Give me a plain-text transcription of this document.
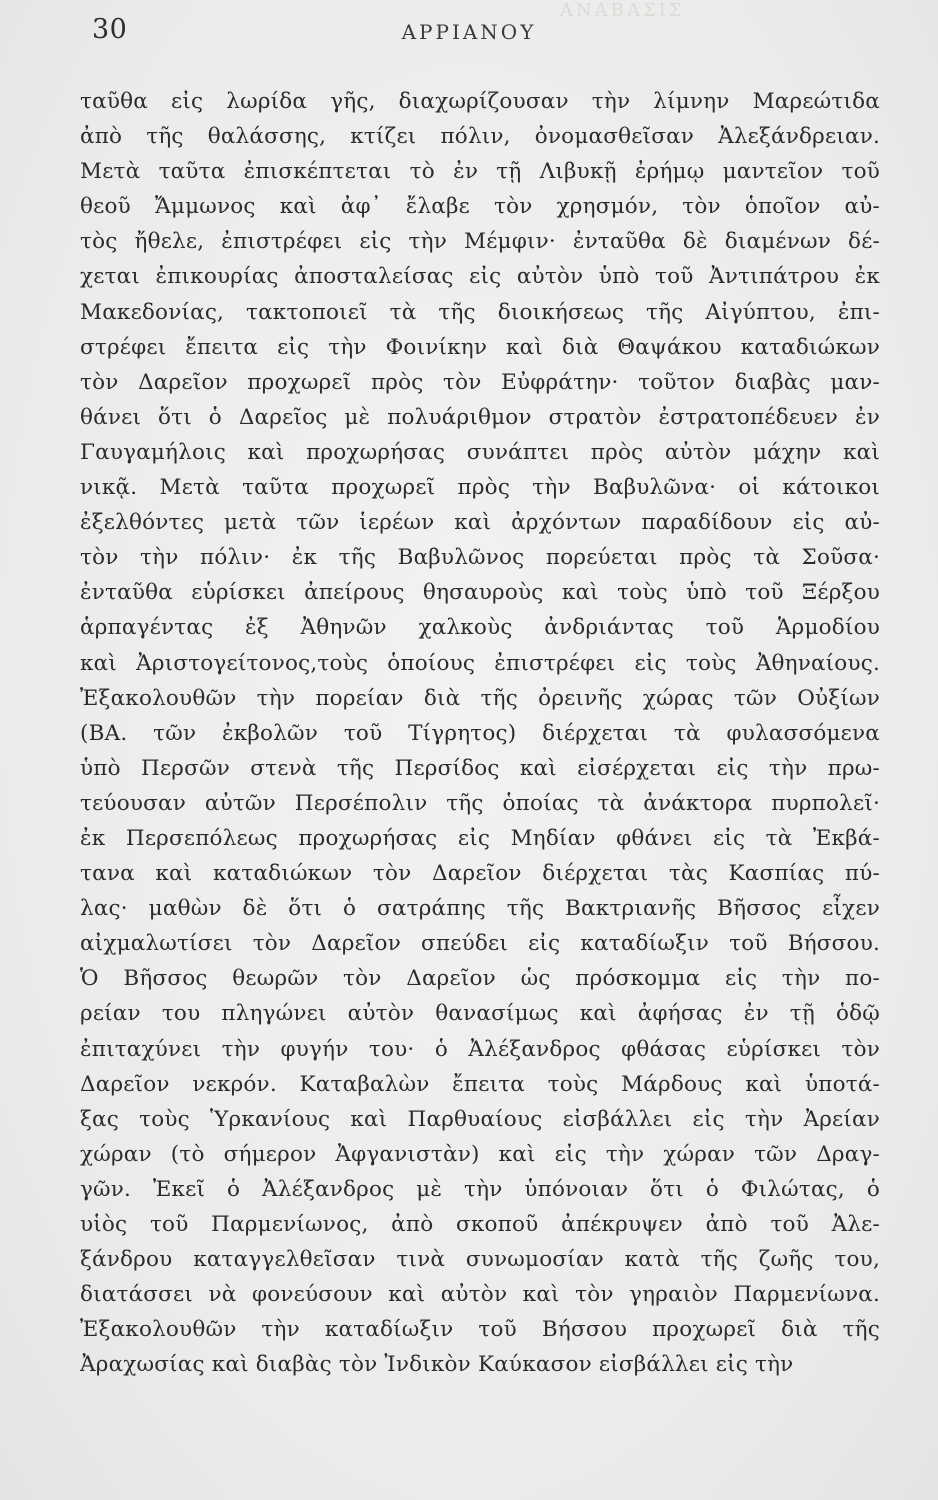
ΑΝΑΒΑΣΙΣ
30	ΑΡΡΙΑΝΟΥ
ταῦθα εἰς λωρίδα γῆς, διαχωρίζουσαν τὴν λίμνην Μαρεώτιδα
ἀπὸ τῆς θαλάσσης, κτίζει πόλιν, ὀνομασθεῖσαν Ἀλεξάνδρειαν.
Μετὰ ταῦτα ἐπισκέπτεται τὸ ἐν τῇ Λιβυκῇ ἐρήμῳ μαντεῖον τοῦ
θεοῦ Ἄμμωνος καὶ ἀφ᾽ ἔλαβε τὸν χρησμόν, τὸν ὁποῖον αὐ-
τὸς ἤθελε, ἐπιστρέφει εἰς τὴν Μέμφιν· ἐνταῦθα δὲ διαμένων δέ-
χεται ἐπικουρίας ἀποσταλείσας εἰς αὐτὸν ὑπὸ τοῦ Ἀντιπάτρου ἐκ
Μακεδονίας, τακτοποιεῖ τὰ τῆς διοικήσεως τῆς Αἰγύπτου, ἐπι-
στρέφει ἔπειτα εἰς τὴν Φοινίκην καὶ διὰ Θαψάκου καταδιώκων
τὸν Δαρεῖον προχωρεῖ πρὸς τὸν Εὐφράτην· τοῦτον διαβὰς μαν-
θάνει ὅτι ὁ Δαρεῖος μὲ πολυάριθμον στρατὸν ἐστρατοπέδευεν ἐν
Γαυγαμήλοις καὶ προχωρήσας συνάπτει πρὸς αὐτὸν μάχην καὶ
νικᾷ. Μετὰ ταῦτα προχωρεῖ πρὸς τὴν Βαβυλῶνα· οἱ κάτοικοι
ἐξελθόντες μετὰ τῶν ἱερέων καὶ ἀρχόντων παραδίδουν εἰς αὐ-
τὸν τὴν πόλιν· ἐκ τῆς Βαβυλῶνος πορεύεται πρὸς τὰ Σοῦσα·
ἐνταῦθα εὑρίσκει ἀπείρους θησαυροὺς καὶ τοὺς ὑπὸ τοῦ Ξέρξου
ἁρπαγέντας ἐξ Ἀθηνῶν χαλκοὺς ἀνδριάντας τοῦ Ἁρμοδίου
καὶ Ἀριστογείτονος,τοὺς ὁποίους ἐπιστρέφει εἰς τοὺς Ἀθηναίους.
Ἐξακολουθῶν τὴν πορείαν διὰ τῆς ὀρεινῆς χώρας τῶν Οὐξίων
(ΒΑ. τῶν ἐκβολῶν τοῦ Τίγρητος) διέρχεται τὰ φυλασσόμενα
ὑπὸ Περσῶν στενὰ τῆς Περσίδος καὶ εἰσέρχεται εἰς τὴν πρω-
τεύουσαν αὐτῶν Περσέπολιν τῆς ὁποίας τὰ ἀνάκτορα πυρπολεῖ·
ἐκ Περσεπόλεως προχωρήσας εἰς Μηδίαν φθάνει εἰς τὰ Ἐκβά-
τανα καὶ καταδιώκων τὸν Δαρεῖον διέρχεται τὰς Κασπίας πύ-
λας· μαθὼν δὲ ὅτι ὁ σατράπης τῆς Βακτριανῆς Βῆσσος εἶχεν
αἰχμαλωτίσει τὸν Δαρεῖον σπεύδει εἰς καταδίωξιν τοῦ Βήσσου.
Ὁ Βῆσσος θεωρῶν τὸν Δαρεῖον ὡς πρόσκομμα εἰς τὴν πο-
ρείαν του πληγώνει αὐτὸν θανασίμως καὶ ἀφήσας ἐν τῇ ὁδῷ
ἐπιταχύνει τὴν φυγήν του· ὁ Ἀλέξανδρος φθάσας εὑρίσκει τὸν
Δαρεῖον νεκρόν. Καταβαλὼν ἔπειτα τοὺς Μάρδους καὶ ὑποτά-
ξας τοὺς Ὑρκανίους καὶ Παρθυαίους εἰσβάλλει εἰς τὴν Ἀρείαν
χώραν (τὸ σήμερον Ἀφγανιστὰν) καὶ εἰς τὴν χώραν τῶν Δραγ-
γῶν. Ἐκεῖ ὁ Ἀλέξανδρος μὲ τὴν ὑπόνοιαν ὅτι ὁ Φιλώτας, ὁ
υἱὸς τοῦ Παρμενίωνος, ἀπὸ σκοποῦ ἀπέκρυψεν ἀπὸ τοῦ Ἀλε-
ξάνδρου καταγγελθεῖσαν τινὰ συνωμοσίαν κατὰ τῆς ζωῆς του,
διατάσσει νὰ φονεύσουν καὶ αὐτὸν καὶ τὸν γηραιὸν Παρμενίωνα.
Ἐξακολουθῶν τὴν καταδίωξιν τοῦ Βήσσου προχωρεῖ διὰ τῆς
Ἀραχωσίας καὶ διαβὰς τὸν Ἰνδικὸν Καύκασον εἰσβάλλει εἰς τὴν
